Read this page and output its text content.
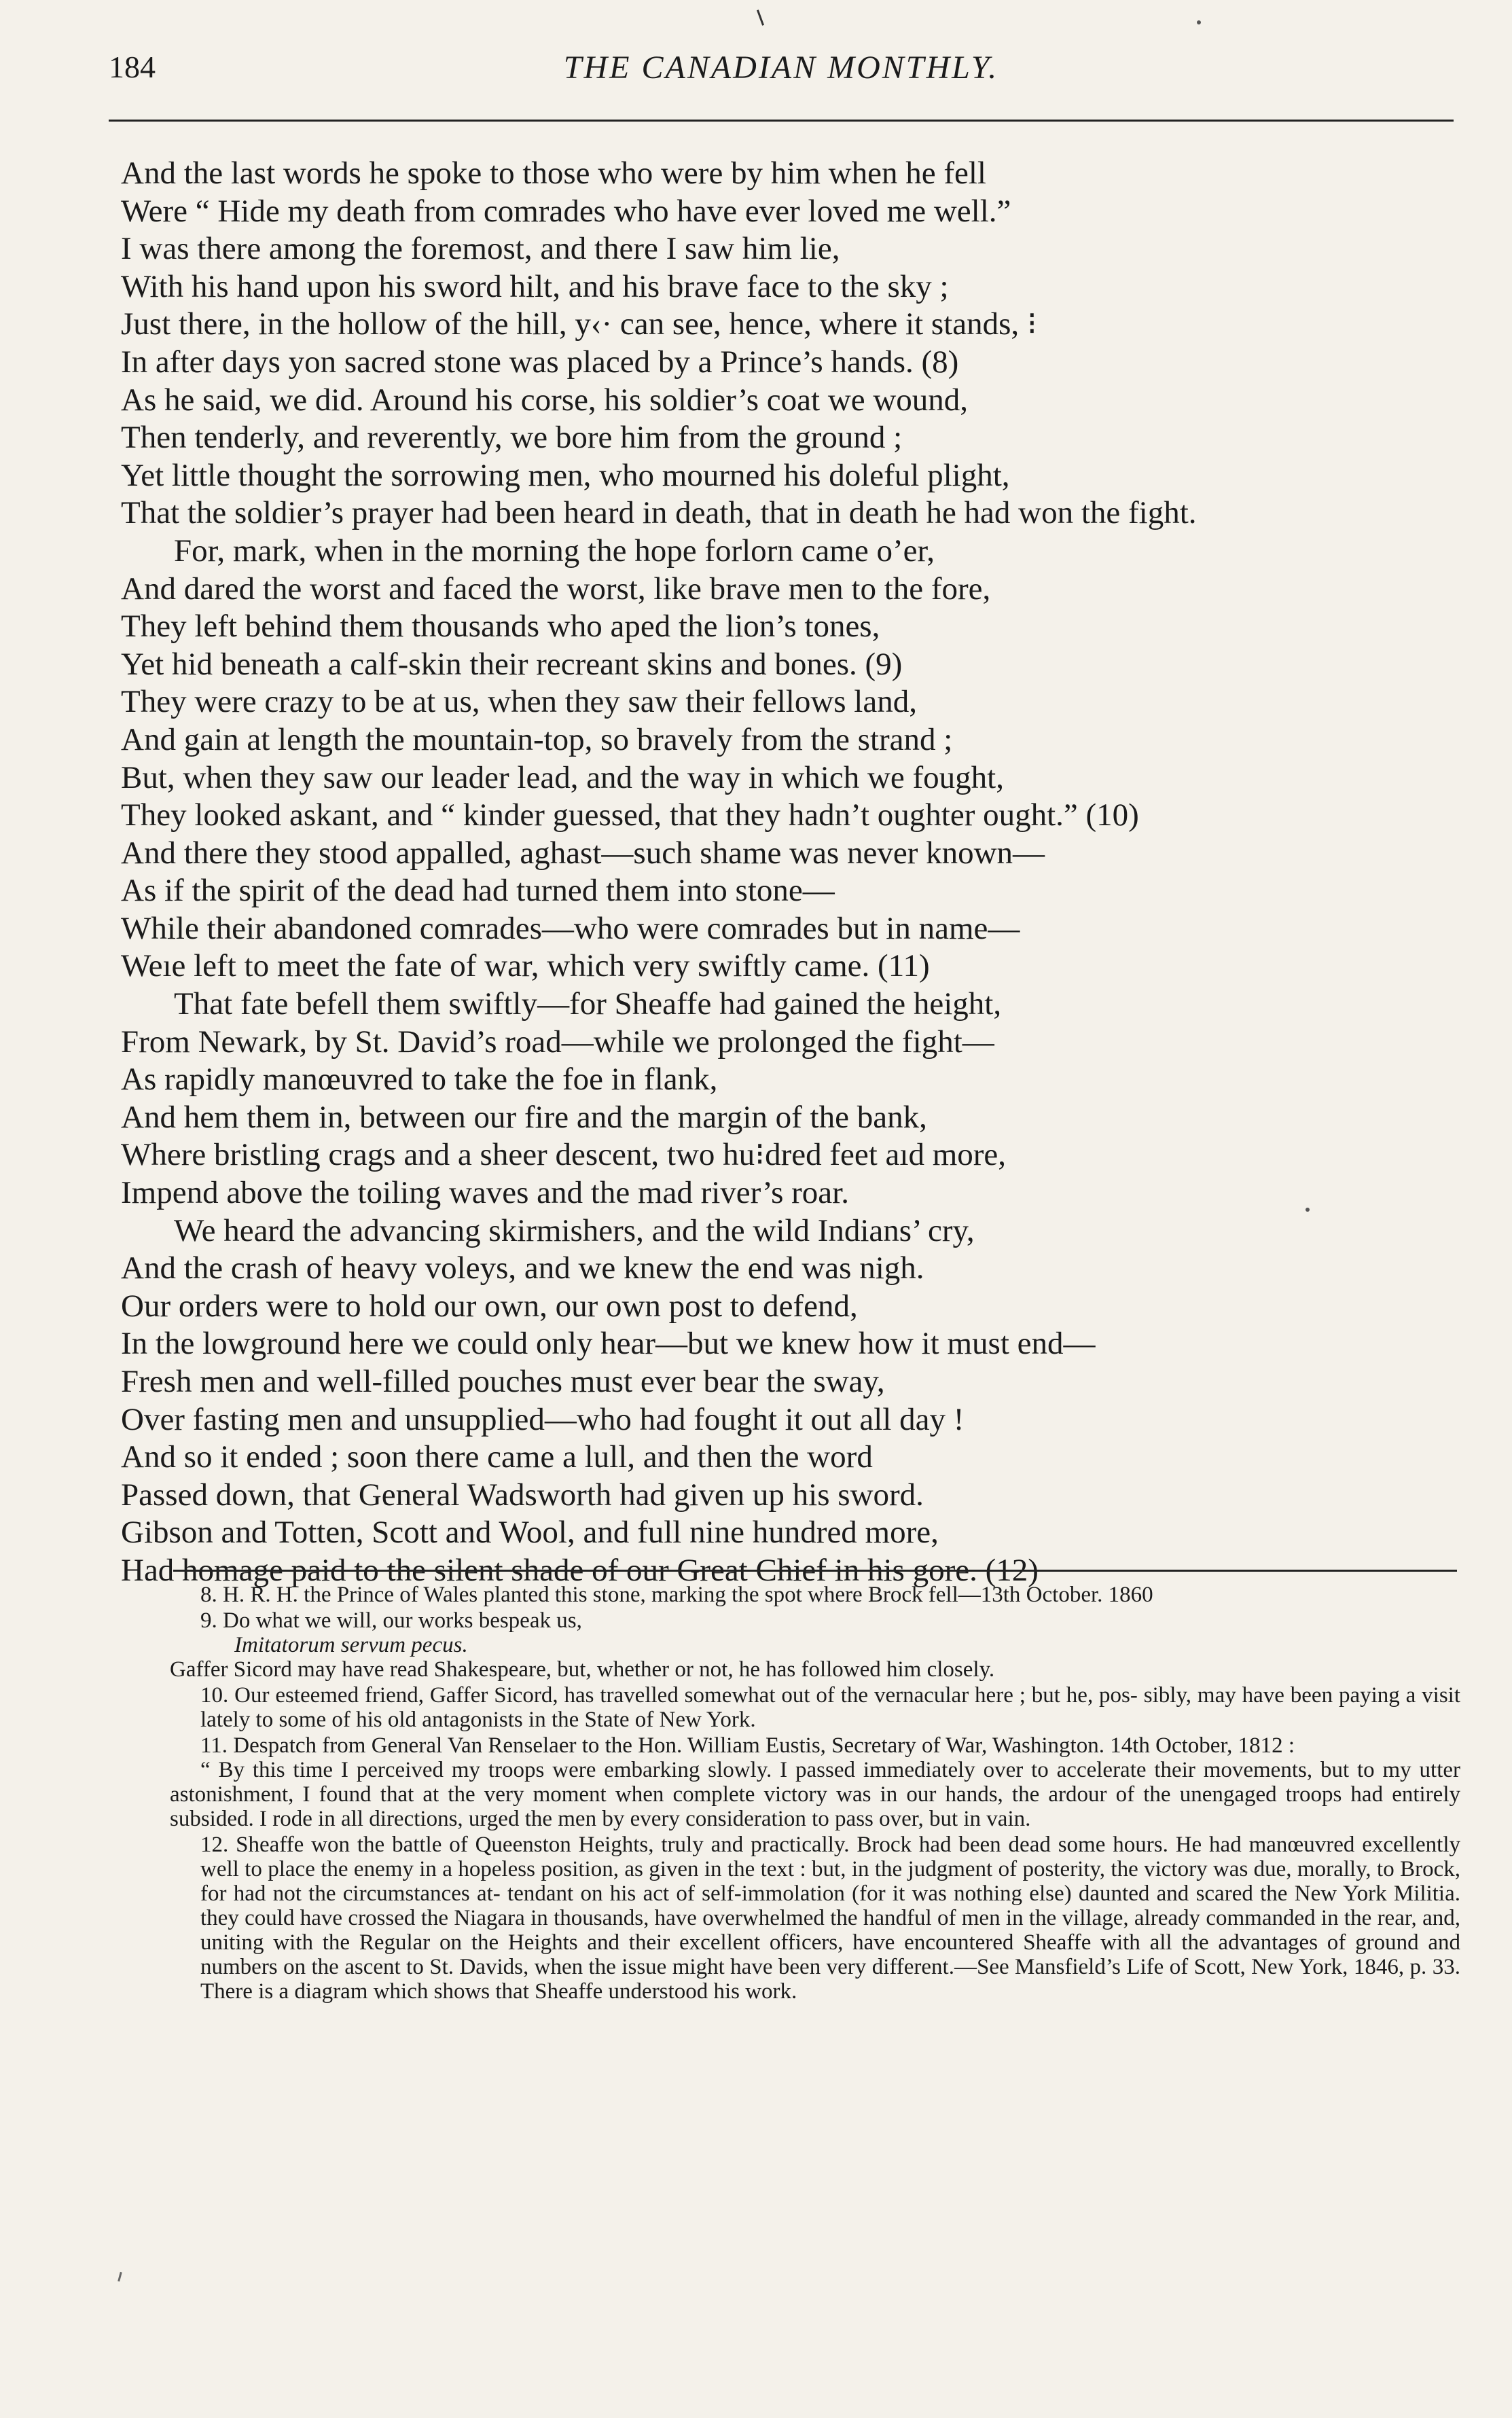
184	THE CANADIAN MONTHLY.
And the last words he spoke to those who were by him when he fell
Were “ Hide my death from comrades who have ever loved me well.”
I was there among the foremost, and there I saw him lie,
With his hand upon his sword hilt, and his brave face to the sky ;
Just there, in the hollow of the hill, y‹· can see, hence, where it stands, ⁝
In after days yon sacred stone was placed by a Prince’s hands. (8)
As he said, we did. Around his corse, his soldier’s coat we wound,
Then tenderly, and reverently, we bore him from the ground ;
Yet little thought the sorrowing men, who mourned his doleful plight,
That the soldier’s prayer had been heard in death, that in death he had won the fight.
For, mark, when in the morning the hope forlorn came o’er,
And dared the worst and faced the worst, like brave men to the fore,
They left behind them thousands who aped the lion’s tones,
Yet hid beneath a calf-skin their recreant skins and bones. (9)
They were crazy to be at us, when they saw their fellows land,
And gain at length the mountain-top, so bravely from the strand ;
But, when they saw our leader lead, and the way in which we fought,
They looked askant, and “ kinder guessed, that they hadn’t oughter ought.” (10)
And there they stood appalled, aghast—such shame was never known—
As if the spirit of the dead had turned them into stone—
While their abandoned comrades—who were comrades but in name—
Weıe left to meet the fate of war, which very swiftly came. (11)
That fate befell them swiftly—for Sheaffe had gained the height,
From Newark, by St. David’s road—while we prolonged the fight—
As rapidly manœuvred to take the foe in flank,
And hem them in, between our fire and the margin of the bank,
Where bristling crags and a sheer descent, two hu⁝dred feet aıd more,
Impend above the toiling waves and the mad river’s roar.
We heard the advancing skirmishers, and the wild Indians’ cry,
And the crash of heavy vo‌leys, and we knew the end was nigh.
Our orders were to hold our own, our own post to defend,
In the lowground here we could only hear—but we knew how it must end—
Fresh men and well-filled pouches must ever bear the sway,
Over fasting men and unsupplied—who had fought it out all day !
And so it ended ; soon there came a lull, and then the word
Passed down, that General Wadsworth had given up his sword.
Gibson and Totten, Scott and Wool, and full nine hundred more,
Had homage paid to the silent shade of our Great Chief in his gore. (12)

8. H. R. H. the Prince of Wales planted this stone, marking the spot where Brock fell—13th October. 1860

9. Do what we will, our works bespeak us,
Imitatorum servum pecus.
Gaffer Sicord may have read Shakespeare, but, whether or not, he has followed him closely.

10. Our esteemed friend, Gaffer Sicord, has travelled somewhat out of the vernacular here ; but he, pos- sibly, may have been paying a visit lately to some of his old antagonists in the State of New York.

11. Despatch from General Van Renselaer to the Hon. William Eustis, Secretary of War, Washington. 14th October, 1812 :
“ By this time I perceived my troops were embarking slowly. I passed immediately over to accelerate their movements, but to my utter astonishment, I found that at the very moment when complete victory was in our hands, the ardour of the unengaged troops had entirely subsided. I rode in all directions, urged the men by every consideration to pass over, but in vain.

12. Sheaffe won the battle of Queenston Heights, truly and practically. Brock had been dead some hours. He had manœuvred excellently well to place the enemy in a hopeless position, as given in the text : but, in the judgment of posterity, the victory was due, morally, to Brock, for had not the circumstances at- tendant on his act of self-immolation (for it was nothing else) daunted and scared the New York Militia. they could have crossed the Niagara in thousands, have overwhelmed the handful of men in the village, already commanded in the rear, and, uniting with the Regular on the Heights and their excellent officers, have encountered Sheaffe with all the advantages of ground and numbers on the ascent to St. Davids, when the issue might have been very different.—See Mansfield’s Life of Scott, New York, 1846, p. 33. There is a diagram which shows that Sheaffe understood his work.
